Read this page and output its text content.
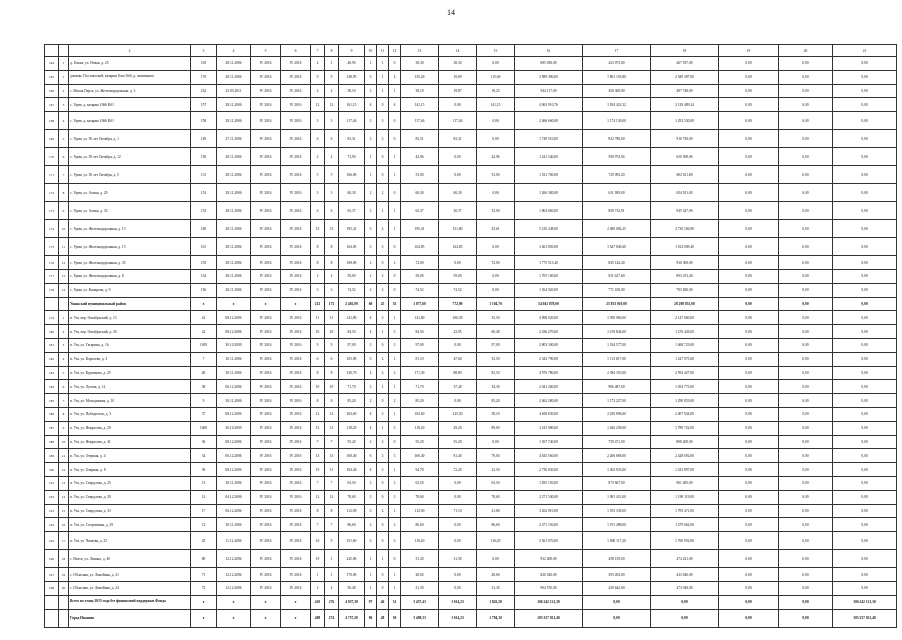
14
		2	3	4	5	6	7	8	9	10	11	12	13	14	15	16	17	18	19	20	21
164	1	д. Гонжа, ул. Новая, д. 25	165	28.11.2006	IV 2016	IV 2016	2	1	40,90	1	1	0	38,30	38,30	0,00	885 030,00	423 073,00	467 937,00	0,00	0,00	0,00
165	1	домичн. Постоялский, казарма 8 км Гиб) д. ономеннен	170	28.11.2006	IV 2016	IV 2016	9	9	148,95	5	1	4	135,20	19,69	115,60	3 989 490,00	1 861 103,80	2 049 387,00	0,00	0,00	0,00
166	2	с. Малая Перта, ул. Железнодорожная, д. 3	232	23.03.2011	IV 2016	IV 2016	2	2	38,10	2	1	1	38,10	19,87	18,23	944 117,00	456 369,00	487 748,00	0,00	0,00	0,00
167	3	с. Урми, д. казарма 1066 Кб1	157	28.11.2006	IV 2016	IV 2016	12	12	161,15	4	0	4	141,15	0,00	141,15	4 063 910,76	1 934 421,52	2 129 489,24	0,00	0,00	0,00
168	4	с. Урми, д. казарма 1066 Кб1	158	28.11.2006	IV 2016	IV 2016	3	3	117,46	3	3	0	117,46	117,46	0,00	2 466 660,00	1 174 130,00	1 292 530,00	0,00	0,00	0,00
169	5	с. Урми, ул. 50 лет Октября, д. 1	149	27.11.2006	IV 2016	IV 2016	6	6	83,31	2	2	0	83,31	83,31	0,00	1 749 510,00	832 780,00	916 730,00	0,00	0,00	0,00
170	6	с. Урми, ул. 50 лет Октября, д. 12	150	28.11.2006	IV 2016	IV 2016	2	2	72,90	1	0	1	42,96	0,00	42,96	1 241 540,00	590 974,94	650 569,06	0,00	0,00	0,00
171	7	с. Урми, ул. 50 лет Октября, д. 5	151	28.11.2006	IV 2016	IV 2016	5	5	106,00	1	0	1	53,00	0,00	53,00	1 531 760,00	729 093,20	802 611,80	0,00	0,00	0,00
172	8	с. Урми, ул. Алина, д. 29	152	28.11.2006	IV 2016	IV 2016	3	3	60,30	2	2	0	60,30	60,30	0,00	1 266 300,00	611 389,00	654 911,00	0,00	0,00	0,00
173	9	с. Урми, ул. Алина, д. 33	153	28.11.2006	IV 2016	IV 2016	6	6	65,37	2	1	1	63,37	30,37	33,00	1 804 060,00	858 732,91	945 327,90	0,00	0,00	0,00
174	10	с. Урми, ул. Железнодорожная, д. 13	160	28.11.2006	IV 2016	IV 2016	13	13	195,41	5	4	1	195,41	151,80	43,61	5 210 248,00	2 480 082,25	2 730 166,90	0,00	0,00	0,00
175	11	с. Урми, ул. Железнодорожная, д. 15	161	28.11.2006	IV 2016	IV 2016	8	8	164,85	3	3	0	164,85	164,85	0,00	3 461 850,00	1 647 840,60	1 814 009,40	0,00	0,00	0,00
176	12	с. Урми, ул. Железнодорожная, д. 35	155	28.11.2006	IV 2016	IV 2016	8	8	108,00	2	0	2	72,00	0,00	72,00	1 775 513,40	845 144,40	930 369,00	0,00	0,00	0,00
177	13	с. Урми, ул. Железнодорожная, д. 8	154	28.11.2006	IV 2016	IV 2016	2	2	59,00	2	2	0	59,00	59,00	0,00	1 705 100,00	811 627,60	893 472,40	0,00	0,00	0,00
178	14	с. Урми, ул. Комарова, д. 9	156	28.11.2006	IV 2016	IV 2016	3	3	74,52	2	2	0	74,52	74,52	0,00	1 564 920,00	771 100,00	793 820,00	0,00	0,00	0,00
		Ушакский муниципальный район	х	х	х	х	212	175	2 402,09	60	25	35	1 877,60	772,90	1 104,70	54 041 878,00	25 833 019,00	28 208 851,00	0,00	0,00	0,00
179	1	п. Уш, пер. Октябрьский, д. 13	41	08.12.2006	IV 2016	IV 2016	11	11	141,80	4	3	1	141,80	106,30	35,50	4 098 020,00	1 950 960,00	2 147 060,00	0,00	0,00	0,00
180	2	п. Уш, пер. Октябрьский, д. 20	42	08.12.2006	IV 2016	IV 2016	10	10	84,50	4	1	3	84,50	23,95	60,40	2 436 270,00	1 159 844,00	1 276 426,00	0,00	0,00	0,00
181	3	п. Уш, ул. Гагарина, д. 16	1659	30.10.2009	IV 2016	IV 2016	9	9	97,00	3	0	3	97,00	0,00	97,00	2 803 300,00	1 334 577,00	1 468 723,00	0,00	0,00	0,00
182	4	п. Уш, ул. Королева, д. 3	7	30.11.2006	IV 2016	IV 2016	6	6	105,90	5	2	1	81,10	47,60	33,50	2 343 790,00	1 115 817,00	1 227 973,00	0,00	0,00	0,00
183	5	п. Уш, ул. Куренкова, д. 25	40	30.11.2006	IV 2016	IV 2016	8	8	130,70	4	2	2	171,30	88,80	82,50	4 976 780,00	2 384 353,00	2 592 427,00	0,00	0,00	0,00
184	6	п. Уш, ул. Лугова, д. 12	38	06.12.2006	IV 2016	IV 2016	10	10	71,70	2	1	1	71,70	37,40	34,30	2 041 260,00	986 487,00	1 054 773,00	0,00	0,00	0,00
185	7	п. Уш, ул. Молодежная, д. 10	9	30.11.2006	IV 2016	IV 2016	8	8	85,20	2	0	2	85,20	0,00	85,20	2 462 280,00	1 172 227,00	1 290 053,00	0,00	0,00	0,00
186	8	п. Уш, ул. Победителя, д. 3	37	08.12.2006	IV 2016	IV 2016	12	12	163,60	4	3	1	163,60	125,50	38,10	4 658 830,00	2 250 896,00	2 407 934,00	0,00	0,00	0,00
187	9	п. Уш, ул. Некрасова, д. 29	1669	30.10.2009	IV 2016	IV 2016	13	13	118,20	4	1	3	118,20	29,20	89,00	3 415 980,00	1 626 258,00	1 789 722,00	0,00	0,00	0,00
188	10	п. Уш, ул. Некрасова, д. 41	36	08.12.2006	IV 2016	IV 2016	7	7	55,20	2	2	0	55,20	55,20	0,00	1 567 740,00	759 471,00	808 269,00	0,00	0,00	0,00
189	11	п. Уш, ул. Озерная, д. 4	34	06.12.2006	IV 2016	IV 2016	13	13	160,40	6	3	3	160,40	81,40	79,00	4 635 560,00	2 206 868,00	2 428 692,00	0,00	0,00	0,00
190	12	п. Уш, ул. Озерная, д. 8	39	08.12.2006	IV 2016	IV 2016	19	11	184,40	4	3	1	94,70	72,20	22,50	2 736 830,00	1 302 933,00	1 433 897,00	0,00	0,00	0,00
191	13	п. Уш, ул. Свердлова, д. 25	13	30.11.2006	IV 2016	IV 2016	7	7	63,50	2	0	2	63,50	0,00	63,50	1 835 150,00	873 667,00	961 483,00	0,00	0,00	0,00
192	14	п. Уш, ул. Свердлова, д. 29	12	04.12.2006	IV 2016	IV 2016	12	12	78,60	3	0	3	78,60	0,00	78,60	2 271 540,00	1 081 421,00	1 190 119,00	0,00	0,00	0,00
193	15	п. Уш, ул. Свердлова, д. 33	17	06.12.2006	IV 2016	IV 2016	8	8	112,90	3	2	1	112,90	71,10	41,80	3 262 810,00	1 553 339,00	1 709 471,00	0,00	0,00	0,00
194	16	п. Уш, ул. Спортивная, д. 29	12	30.11.2006	IV 2016	IV 2016	7	7	86,60	2	0	2	86,60	0,00	86,60	2 471 150,00	1 191 488,00	1 279 662,00	0,00	0,00	0,00
195	17	п. Уш, ул. Чапаева, д. 25	45	11.12.2006	IV 2016	IV 2016	16	9	151,60	3	0	3	116,20	0,00	116,20	3 361 070,00	1 600 117,20	1 760 952,80	0,00	0,00	0,00
196	18	с. Нахта, ул. Ленина, д. 40	80	12.12.2006	IV 2016	IV 2016	19	1	245,86	1	1	0	31,30	31,30	0,00	932 400,00	458 159,00	474 241,00	0,00	0,00	0,00
197	19	с. Обласная, ул. Линейная, д. 21	71	12.12.2006	IV 2016	IV 2016	1	1	170,00	1	0	1	28,60	0,00	28,60	826 540,00	393 494,00	433 046,00	0,00	0,00	0,00
198	20	с. Обласная, ул. Линейная, д. 24	72	12.12.2006	IV 2016	IV 2016	2	2	56,40	1	0	1	31,30	0,00	31,30	904 570,00	430 642,00	473 928,00	0,00	0,00	0,00
		Всего по этапу 2015 года без финансовой поддержки Фонда	х	х	х	х	410	276	4 037,30	97	46	51	3 457,43	1 614,23	1 843,20	106 242 121,30	0,00	0,00	0,00	0,00	106 242 121,30
		Город Иваново	х	х	х	х	408	274	4 757,20	96	48	50	3 408,33	1 614,23	1 794,10	105 257 021,40	0,00	0,00	0,00	0,00	105 257 021,40
